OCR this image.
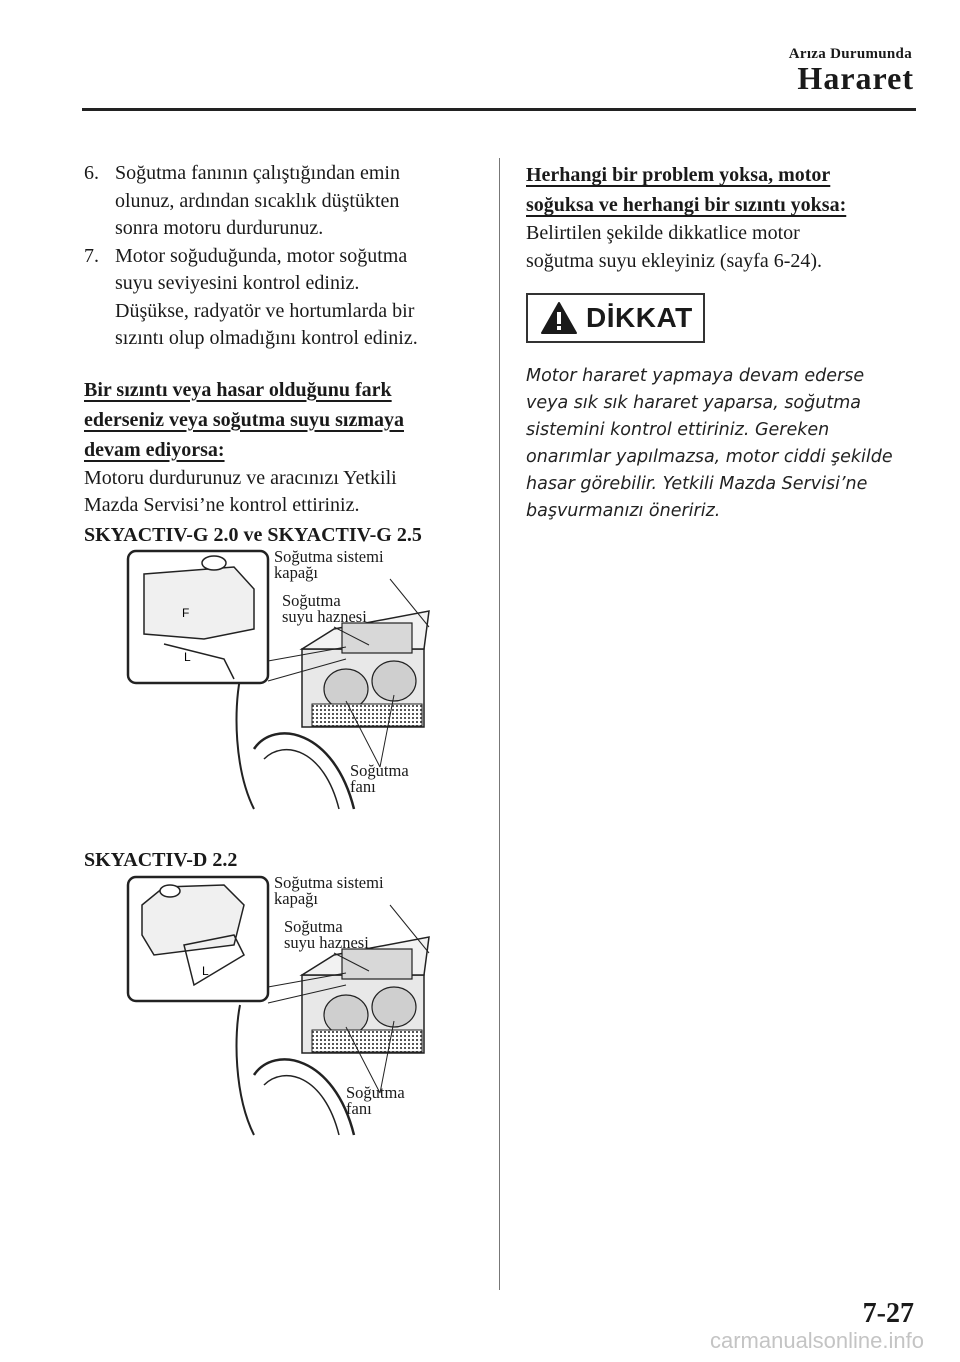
Arıza Durumunda
Hararet
6. Soğutma fanının çalıştığından emin
olunuz, ardından sıcaklık düştükten
sonra motoru durdurunuz.
7. Motor soğuduğunda, motor soğutma
suyu seviyesini kontrol ediniz.
Düşükse, radyatör ve hortumlarda bir
sızıntı olup olmadığını kontrol ediniz.
Bir sızıntı veya hasar olduğunu fark
ederseniz veya soğutma suyu sızmaya
devam ediyorsa:

Motoru durdurunuz ve aracınızı Yetkili

Mazda Servisi’ne kontrol ettiriniz.

SKYACTIV-G 2.0 ve SKYACTIV-G 2.5

F
L
Soğutma sistemi
kapağı
Soğutma
suyu haznesi
Soğutma
fanı

SKYACTIV-D 2.2

L
Soğutma sistemi
kapağı
Soğutma
suyu haznesi
Soğutma
fanı
Herhangi bir problem yoksa, motor
soğuksa ve herhangi bir sızıntı yoksa:

Belirtilen şekilde dikkatlice motor

soğutma suyu ekleyiniz (sayfa 6-24).

DİKKAT
Motor hararet yapmaya devam ederse
veya sık sık hararet yaparsa, soğutma
sistemini kontrol ettiriniz. Gereken
onarımlar yapılmazsa, motor ciddi şekilde
hasar görebilir. Yetkili Mazda Servisi’ne
başvurmanızı öneririz.
7-27
carmanualsonline.info
